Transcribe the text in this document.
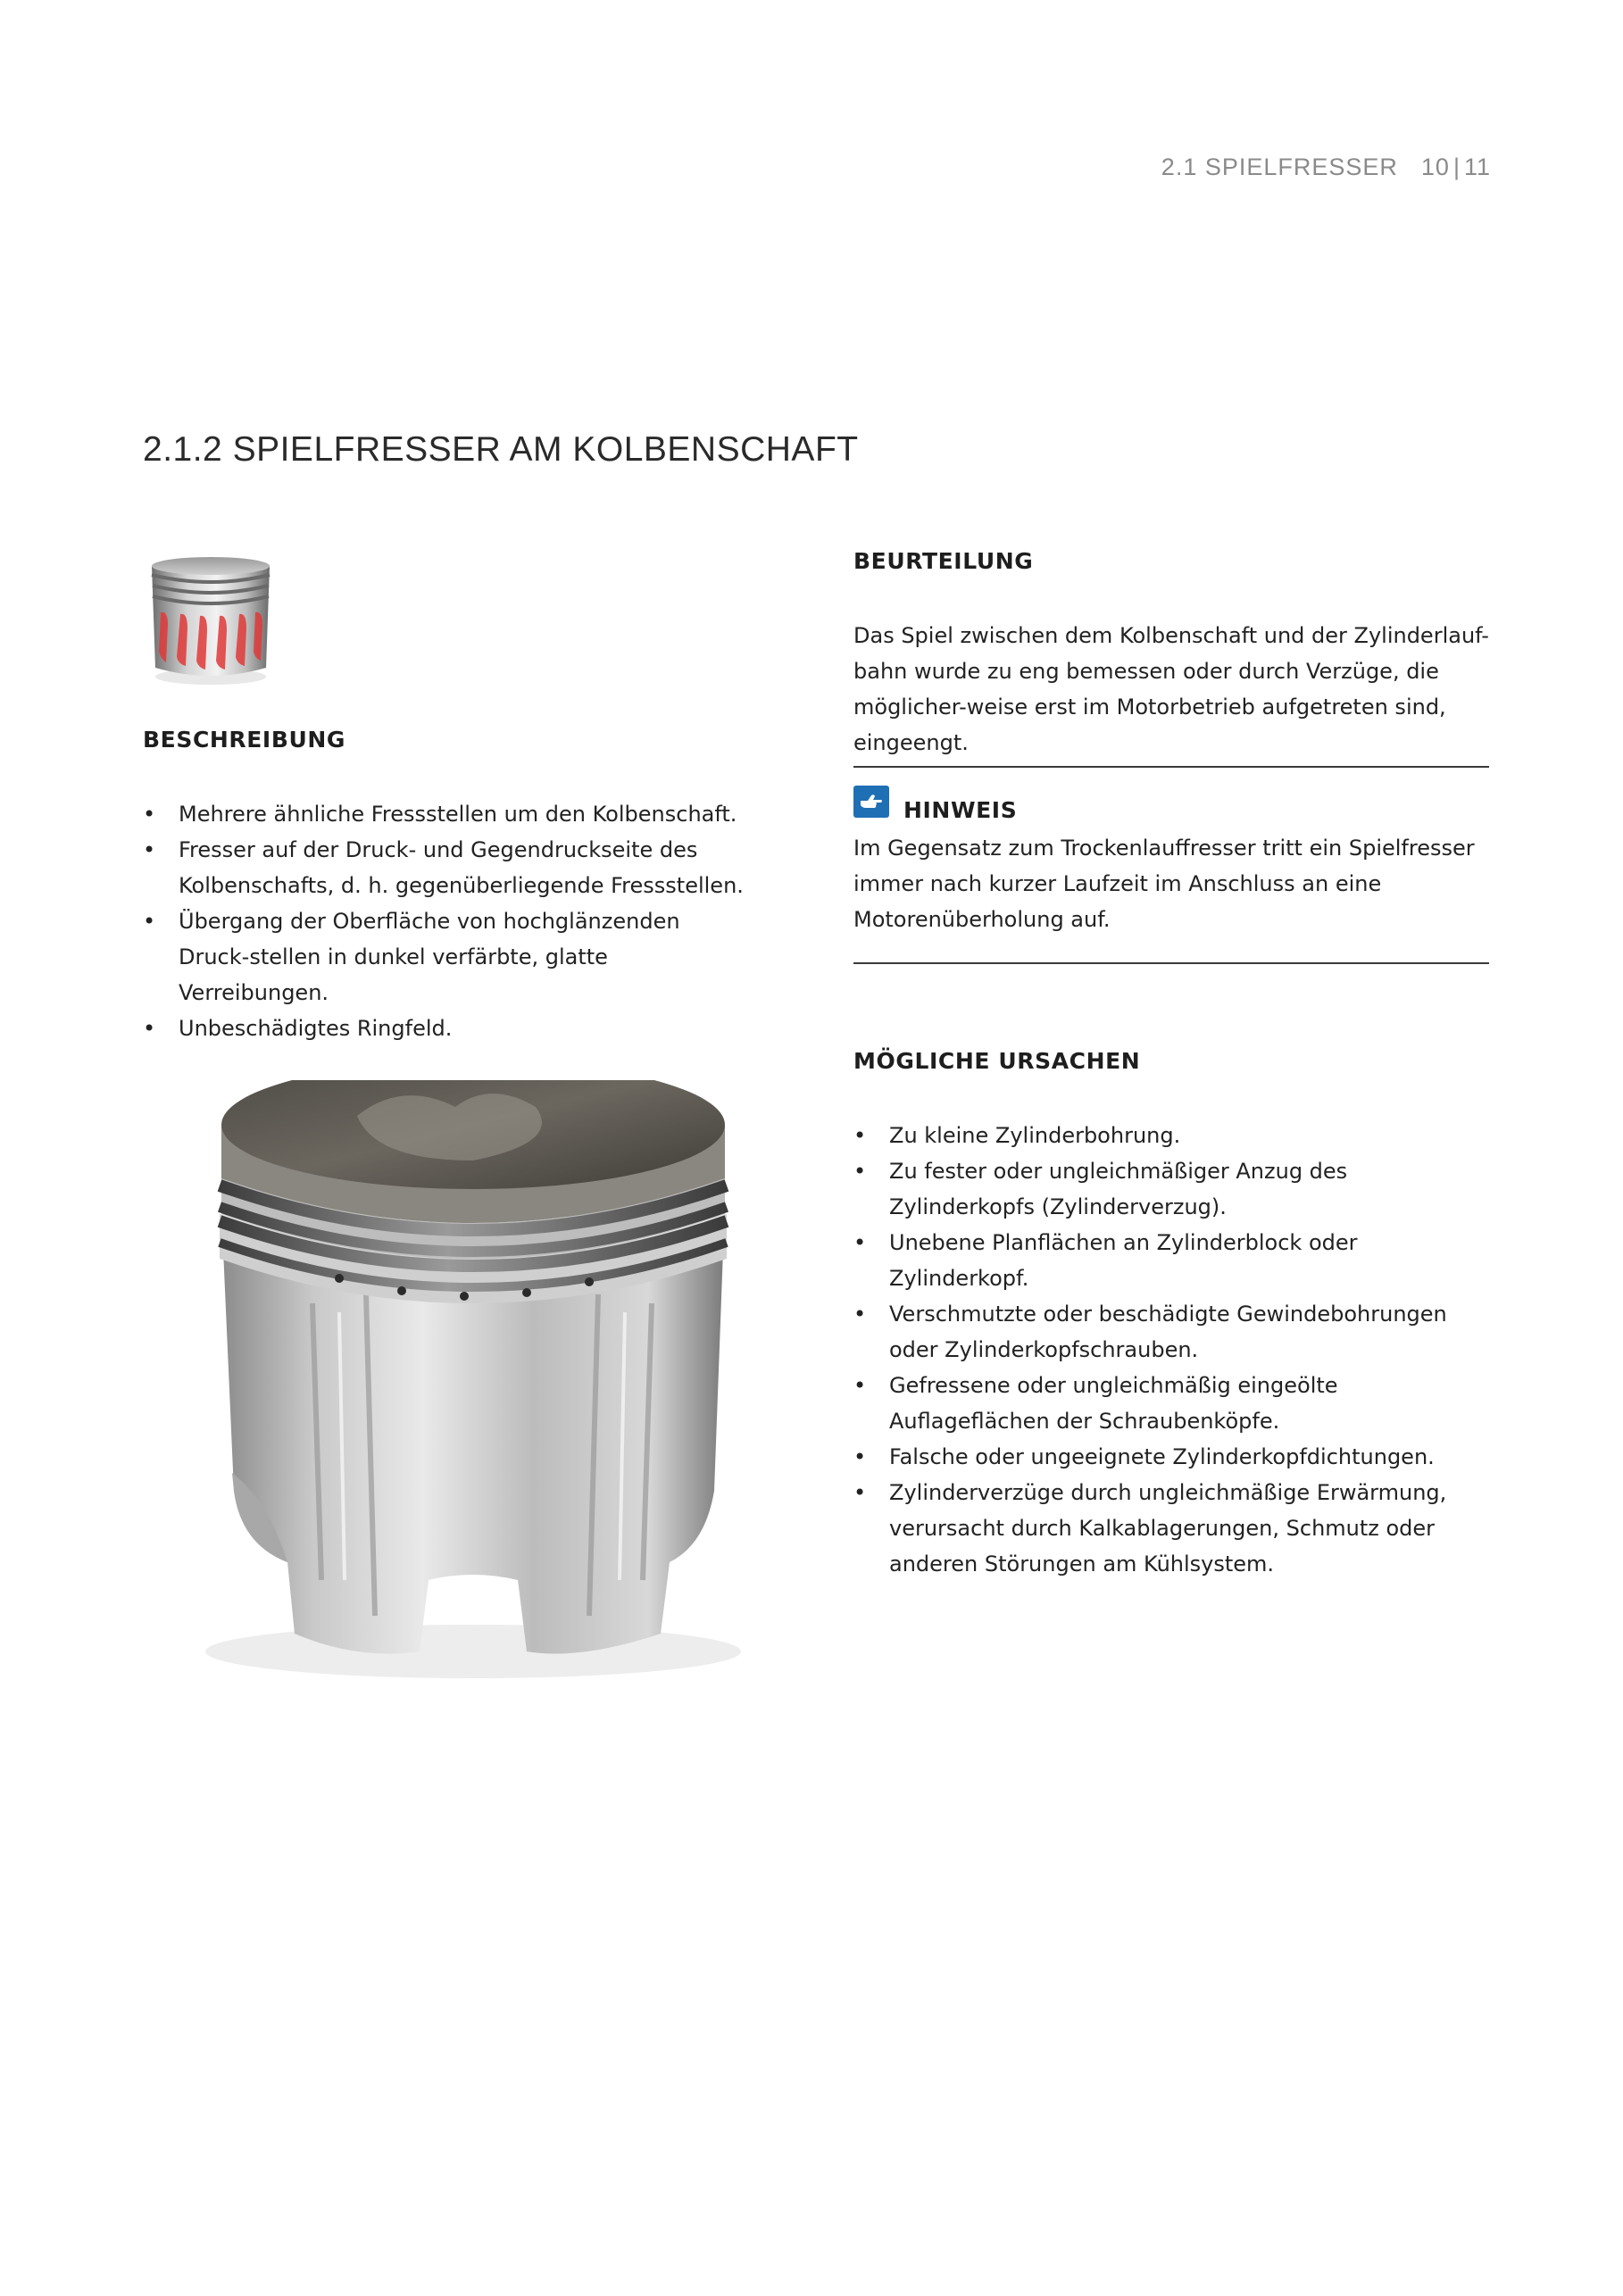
2.1 SPIELFRESSER 10 | 11
2.1.2 SPIELFRESSER AM KOLBENSCHAFT
BESCHREIBUNG
• Mehrere ähnliche Fressstellen um den Kolbenschaft.
• Fresser auf der Druck- und Gegendruckseite des Kolbenschafts, d. h. gegenüberliegende Fressstellen.
• Übergang der Oberfläche von hochglänzenden Druck-stellen in dunkel verfärbte, glatte Verreibungen.
• Unbeschädigtes Ringfeld.
BEURTEILUNG

Das Spiel zwischen dem Kolbenschaft und der Zylinderlauf-bahn wurde zu eng bemessen oder durch Verzüge, die möglicher-weise erst im Motorbetrieb aufgetreten sind, eingeengt.

HINWEIS

Im Gegensatz zum Trockenlauffresser tritt ein Spielfresser immer nach kurzer Laufzeit im Anschluss an eine Motorenüberholung auf.

MÖGLICHE URSACHEN
• Zu kleine Zylinderbohrung.
• Zu fester oder ungleichmäßiger Anzug des Zylinderkopfs (Zylinderverzug).
• Unebene Planflächen an Zylinderblock oder Zylinderkopf.
• Verschmutzte oder beschädigte Gewindebohrungen oder Zylinderkopfschrauben.
• Gefressene oder ungleichmäßig eingeölte Auflageflächen der Schraubenköpfe.
• Falsche oder ungeeignete Zylinderkopfdichtungen.
• Zylinderverzüge durch ungleichmäßige Erwärmung, verursacht durch Kalkablagerungen, Schmutz oder anderen Störungen am Kühlsystem.
